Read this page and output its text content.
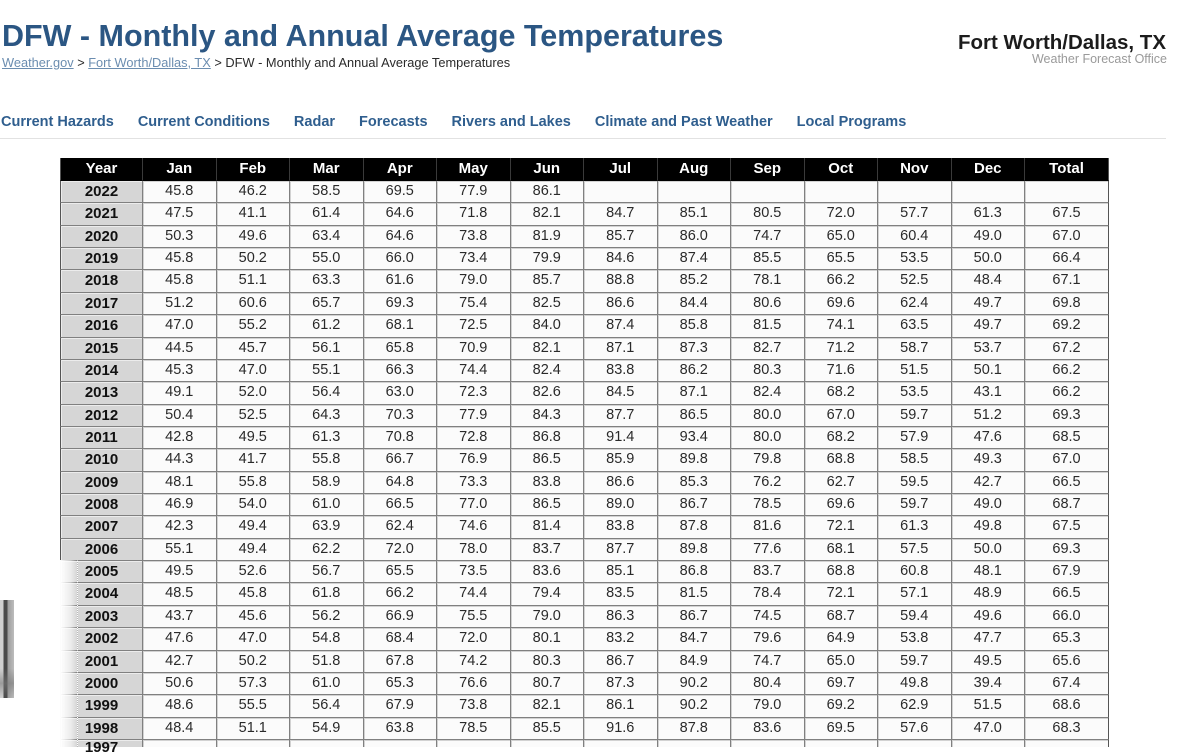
DFW - Monthly and Annual Average Temperatures
Weather.gov > Fort Worth/Dallas, TX > DFW - Monthly and Annual Average Temperatures
Fort Worth/Dallas, TX
Weather Forecast Office
Current Hazards Current Conditions Radar Forecasts Rivers and Lakes Climate and Past Weather Local Programs
Year	Jan	Feb	Mar	Apr	May	Jun	Jul	Aug	Sep	Oct	Nov	Dec	Total
2022	45.8	46.2	58.5	69.5	77.9	86.1
2021	47.5	41.1	61.4	64.6	71.8	82.1	84.7	85.1	80.5	72.0	57.7	61.3	67.5
2020	50.3	49.6	63.4	64.6	73.8	81.9	85.7	86.0	74.7	65.0	60.4	49.0	67.0
2019	45.8	50.2	55.0	66.0	73.4	79.9	84.6	87.4	85.5	65.5	53.5	50.0	66.4
2018	45.8	51.1	63.3	61.6	79.0	85.7	88.8	85.2	78.1	66.2	52.5	48.4	67.1
2017	51.2	60.6	65.7	69.3	75.4	82.5	86.6	84.4	80.6	69.6	62.4	49.7	69.8
2016	47.0	55.2	61.2	68.1	72.5	84.0	87.4	85.8	81.5	74.1	63.5	49.7	69.2
2015	44.5	45.7	56.1	65.8	70.9	82.1	87.1	87.3	82.7	71.2	58.7	53.7	67.2
2014	45.3	47.0	55.1	66.3	74.4	82.4	83.8	86.2	80.3	71.6	51.5	50.1	66.2
2013	49.1	52.0	56.4	63.0	72.3	82.6	84.5	87.1	82.4	68.2	53.5	43.1	66.2
2012	50.4	52.5	64.3	70.3	77.9	84.3	87.7	86.5	80.0	67.0	59.7	51.2	69.3
2011	42.8	49.5	61.3	70.8	72.8	86.8	91.4	93.4	80.0	68.2	57.9	47.6	68.5
2010	44.3	41.7	55.8	66.7	76.9	86.5	85.9	89.8	79.8	68.8	58.5	49.3	67.0
2009	48.1	55.8	58.9	64.8	73.3	83.8	86.6	85.3	76.2	62.7	59.5	42.7	66.5
2008	46.9	54.0	61.0	66.5	77.0	86.5	89.0	86.7	78.5	69.6	59.7	49.0	68.7
2007	42.3	49.4	63.9	62.4	74.6	81.4	83.8	87.8	81.6	72.1	61.3	49.8	67.5
2006	55.1	49.4	62.2	72.0	78.0	83.7	87.7	89.8	77.6	68.1	57.5	50.0	69.3
2005	49.5	52.6	56.7	65.5	73.5	83.6	85.1	86.8	83.7	68.8	60.8	48.1	67.9
2004	48.5	45.8	61.8	66.2	74.4	79.4	83.5	81.5	78.4	72.1	57.1	48.9	66.5
2003	43.7	45.6	56.2	66.9	75.5	79.0	86.3	86.7	74.5	68.7	59.4	49.6	66.0
2002	47.6	47.0	54.8	68.4	72.0	80.1	83.2	84.7	79.6	64.9	53.8	47.7	65.3
2001	42.7	50.2	51.8	67.8	74.2	80.3	86.7	84.9	74.7	65.0	59.7	49.5	65.6
2000	50.6	57.3	61.0	65.3	76.6	80.7	87.3	90.2	80.4	69.7	49.8	39.4	67.4
1999	48.6	55.5	56.4	67.9	73.8	82.1	86.1	90.2	79.0	69.2	62.9	51.5	68.6
1998	48.4	51.1	54.9	63.8	78.5	85.5	91.6	87.8	83.6	69.5	57.6	47.0	68.3
1997
